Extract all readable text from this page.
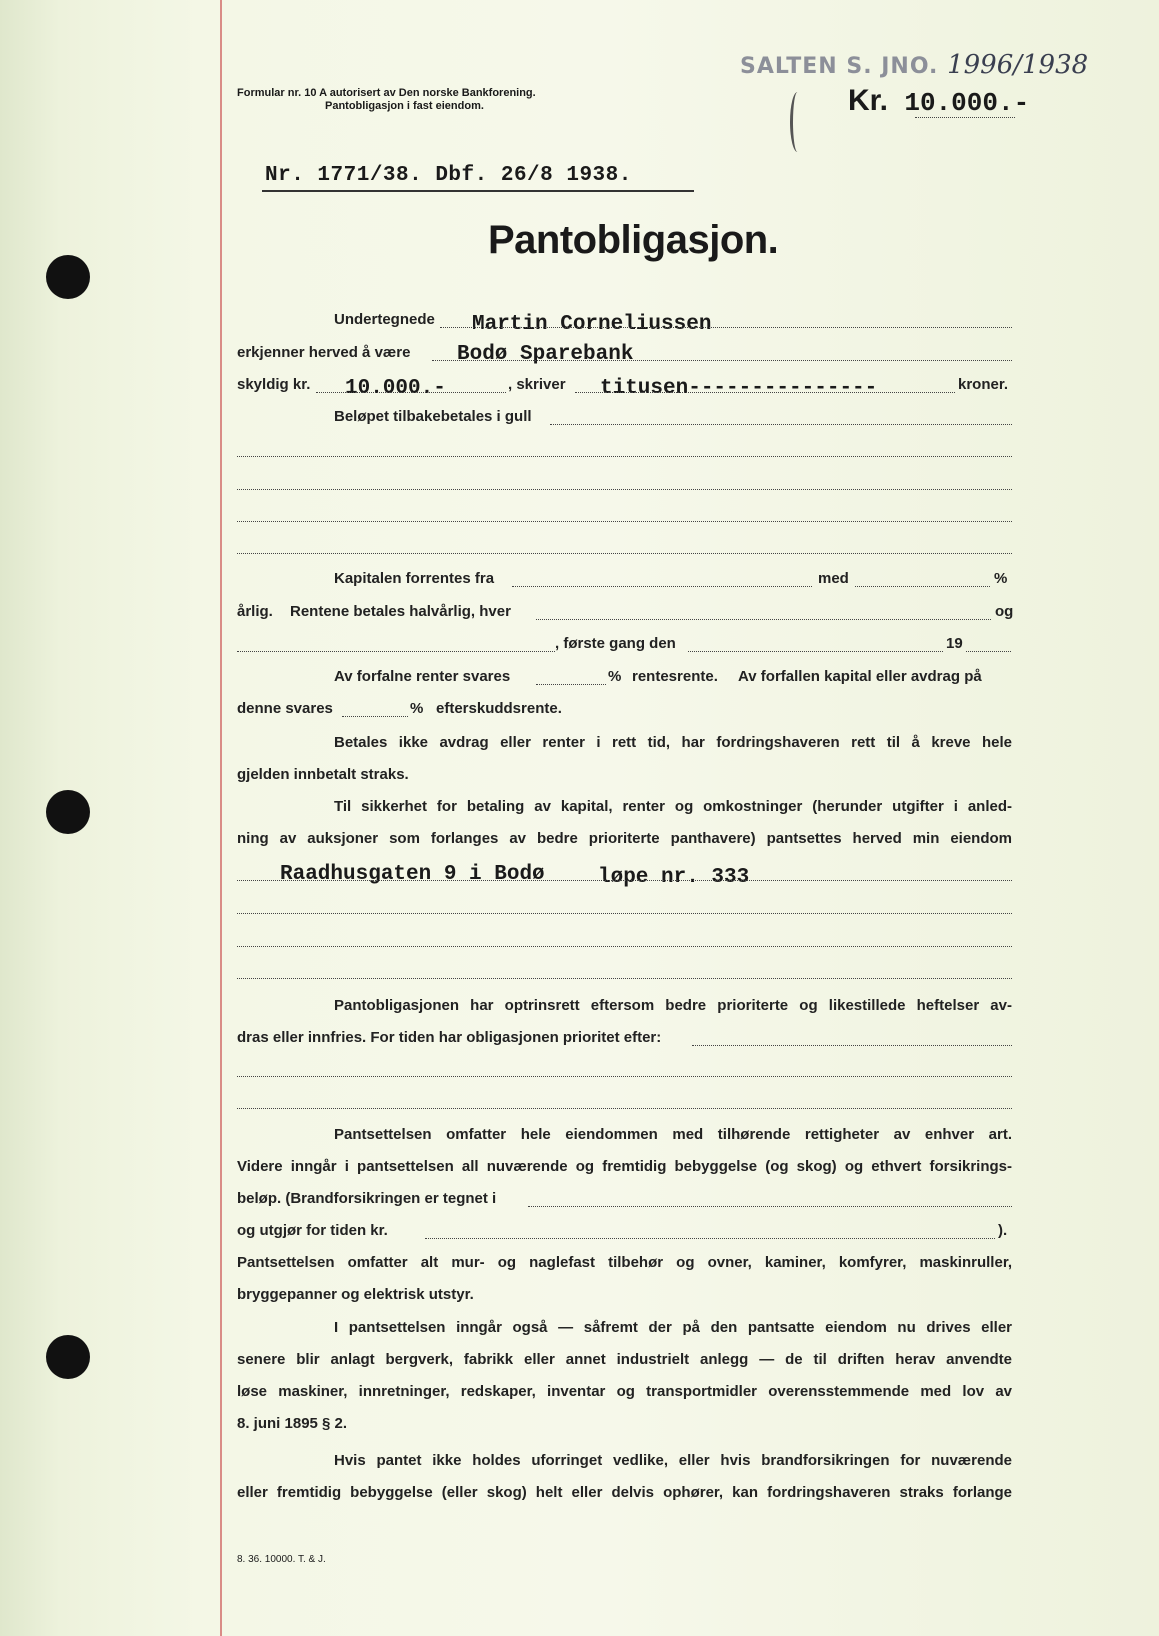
SALTEN S. JNO. 1996/1938
Formular nr. 10 A autorisert av Den norske Bankforening.
Pantobligasjon i fast eiendom.	Kr. 10.000.-
Nr. 1771/38. Dbf. 26/8 1938.
Pantobligasjon.
Undertegnede Martin Corneliussen
erkjenner herved å være Bodø Sparebank
skyldig kr. 10.000.-	, skriver titusen---------------	kroner.
Beløpet tilbakebetales i gull
Kapitalen forrentes fra	med	%
årlig. Rentene betales halvårlig, hver	og
, første gang den	19
Av forfalne renter svares	% rentesrente. Av forfallen kapital eller avdrag på
denne svares	% efterskuddsrente.
Betales ikke avdrag eller renter i rett tid, har fordringshaveren rett til å kreve hele
gjelden innbetalt straks.
Til sikkerhet for betaling av kapital, renter og omkostninger (herunder utgifter i anled-
ning av auksjoner som forlanges av bedre prioriterte panthavere) pantsettes herved min eiendom
Raadhusgaten 9 i Bodø	løpe nr. 333
Pantobligasjonen har optrinsrett eftersom bedre prioriterte og likestillede heftelser av-
dras eller innfries. For tiden har obligasjonen prioritet efter:
Pantsettelsen omfatter hele eiendommen med tilhørende rettigheter av enhver art.
Videre inngår i pantsettelsen all nuværende og fremtidig bebyggelse (og skog) og ethvert forsikrings-
beløp. (Brandforsikringen er tegnet i
og utgjør for tiden kr.	).
Pantsettelsen omfatter alt mur- og naglefast tilbehør og ovner, kaminer, komfyrer, maskinruller,
bryggepanner og elektrisk utstyr.
I pantsettelsen inngår også — såfremt der på den pantsatte eiendom nu drives eller
senere blir anlagt bergverk, fabrikk eller annet industrielt anlegg — de til driften herav anvendte
løse maskiner, innretninger, redskaper, inventar og transportmidler overensstemmende med lov av
8. juni 1895 § 2.
Hvis pantet ikke holdes uforringet vedlike, eller hvis brandforsikringen for nuværende
eller fremtidig bebyggelse (eller skog) helt eller delvis ophører, kan fordringshaveren straks forlange
8. 36. 10000. T. & J.
